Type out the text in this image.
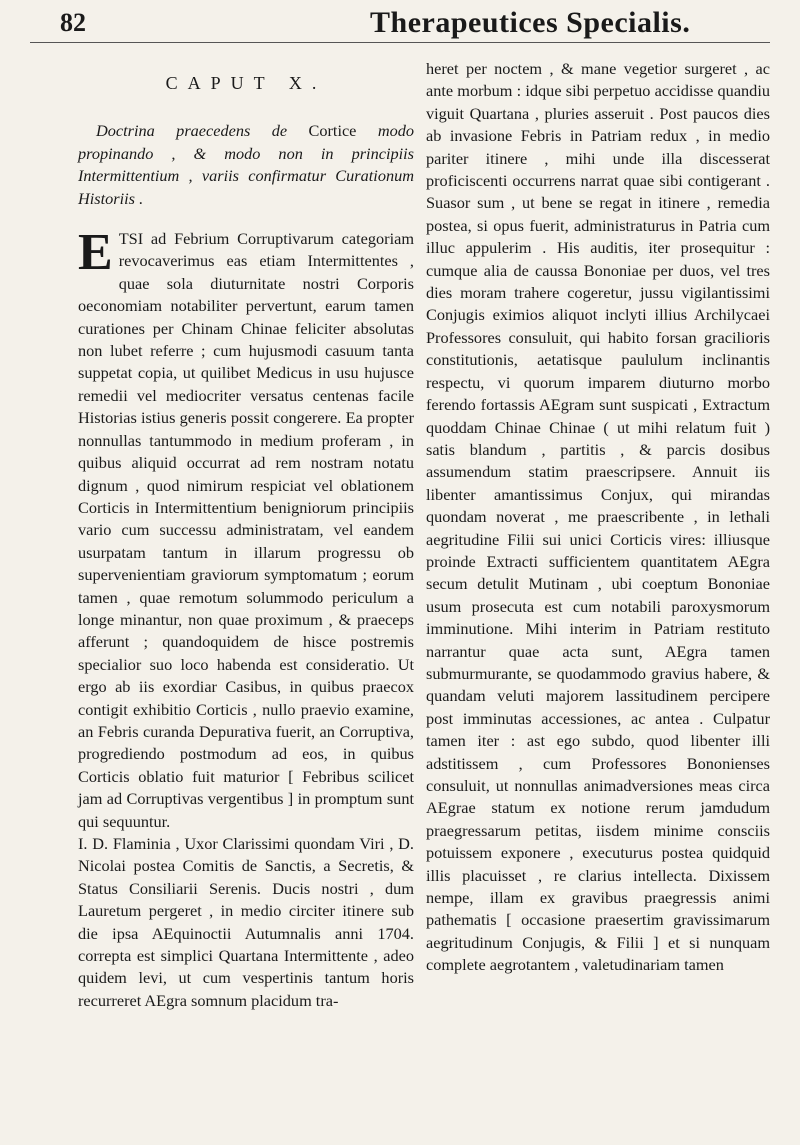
82	Therapeutices Specialis.
CAPUT X.
Doctrina praecedens de Cortice modo propinando , & modo non in principiis Intermittentium , variis confirmatur Curationum Historiis .

ETSI ad Febrium Corruptivarum categoriam revocaverimus eas etiam Intermittentes , quae sola diuturnitate nostri Corporis oeconomiam notabiliter pervertunt, earum tamen curationes per Chinam Chinae feliciter absolutas non lubet referre ; cum hujusmodi casuum tanta suppetat copia, ut quilibet Medicus in usu hujusce remedii vel mediocriter versatus centenas facile Historias istius generis possit congerere. Ea propter nonnullas tantummodo in medium proferam , in quibus aliquid occurrat ad rem nostram notatu dignum , quod nimirum respiciat vel oblationem Corticis in Intermittentium benigniorum principiis vario cum successu administratam, vel eandem usurpatam tantum in illarum progressu ob supervenientiam graviorum symptomatum ; eorum tamen , quae remotum solummodo periculum a longe minantur, non quae proximum , & praeceps afferunt ; quandoquidem de hisce postremis specialior suo loco habenda est consideratio. Ut ergo ab iis exordiar Casibus, in quibus praecox contigit exhibitio Corticis , nullo praevio examine, an Febris curanda Depurativa fuerit, an Corruptiva, progrediendo postmodum ad eos, in quibus Corticis oblatio fuit maturior [ Febribus scilicet jam ad Corruptivas vergentibus ] in promptum sunt qui sequuntur.

I. D. Flaminia , Uxor Clarissimi quondam Viri , D. Nicolai postea Comitis de Sanctis, a Secretis, & Status Consiliarii Serenis. Ducis nostri , dum Lauretum pergeret , in medio circiter itinere sub die ipsa AEquinoctii Autumnalis anni 1704. correpta est simplici Quartana Intermittente , adeo quidem levi, ut cum vespertinis tantum horis recurreret AEgra somnum placidum tra-

heret per noctem , & mane vegetior surgeret , ac ante morbum : idque sibi perpetuo accidisse quandiu viguit Quartana , pluries asseruit . Post paucos dies ab invasione Febris in Patriam redux , in medio pariter itinere , mihi unde illa discesserat proficiscenti occurrens narrat quae sibi contigerant . Suasor sum , ut bene se regat in itinere , remedia postea, si opus fuerit, administraturus in Patria cum illuc appulerim . His auditis, iter prosequitur : cumque alia de caussa Bononiae per duos, vel tres dies moram trahere cogeretur, jussu vigilantissimi Conjugis eximios aliquot inclyti illius Archilycaei Professores consuluit, qui habito forsan gracilioris constitutionis, aetatisque paululum inclinantis respectu, vi quorum imparem diuturno morbo ferendo fortassis AEgram sunt suspicati , Extractum quoddam Chinae Chinae ( ut mihi relatum fuit ) satis blandum , partitis , & parcis dosibus assumendum statim praescripsere. Annuit iis libenter amantissimus Conjux, qui mirandas quondam noverat , me praescribente , in lethali aegritudine Filii sui unici Corticis vires: illiusque proinde Extracti sufficientem quantitatem AEgra secum detulit Mutinam , ubi coeptum Bononiae usum prosecuta est cum notabili paroxysmorum imminutione. Mihi interim in Patriam restituto narrantur quae acta sunt, AEgra tamen submurmurante, se quodammodo gravius habere, & quandam veluti majorem lassitudinem percipere post imminutas accessiones, ac antea . Culpatur tamen iter : ast ego subdo, quod libenter illi adstitissem , cum Professores Bononienses consuluit, ut nonnullas animadversiones meas circa AEgrae statum ex notione rerum jamdudum praegressarum petitas, iisdem minime consciis potuissem exponere , executurus postea quidquid illis placuisset , re clarius intellecta. Dixissem nempe, illam ex gravibus praegressis animi pathematis [ occasione praesertim gravissimarum aegritudinum Conjugis, & Filii ] et si nunquam complete aegrotantem , valetudinariam tamen
